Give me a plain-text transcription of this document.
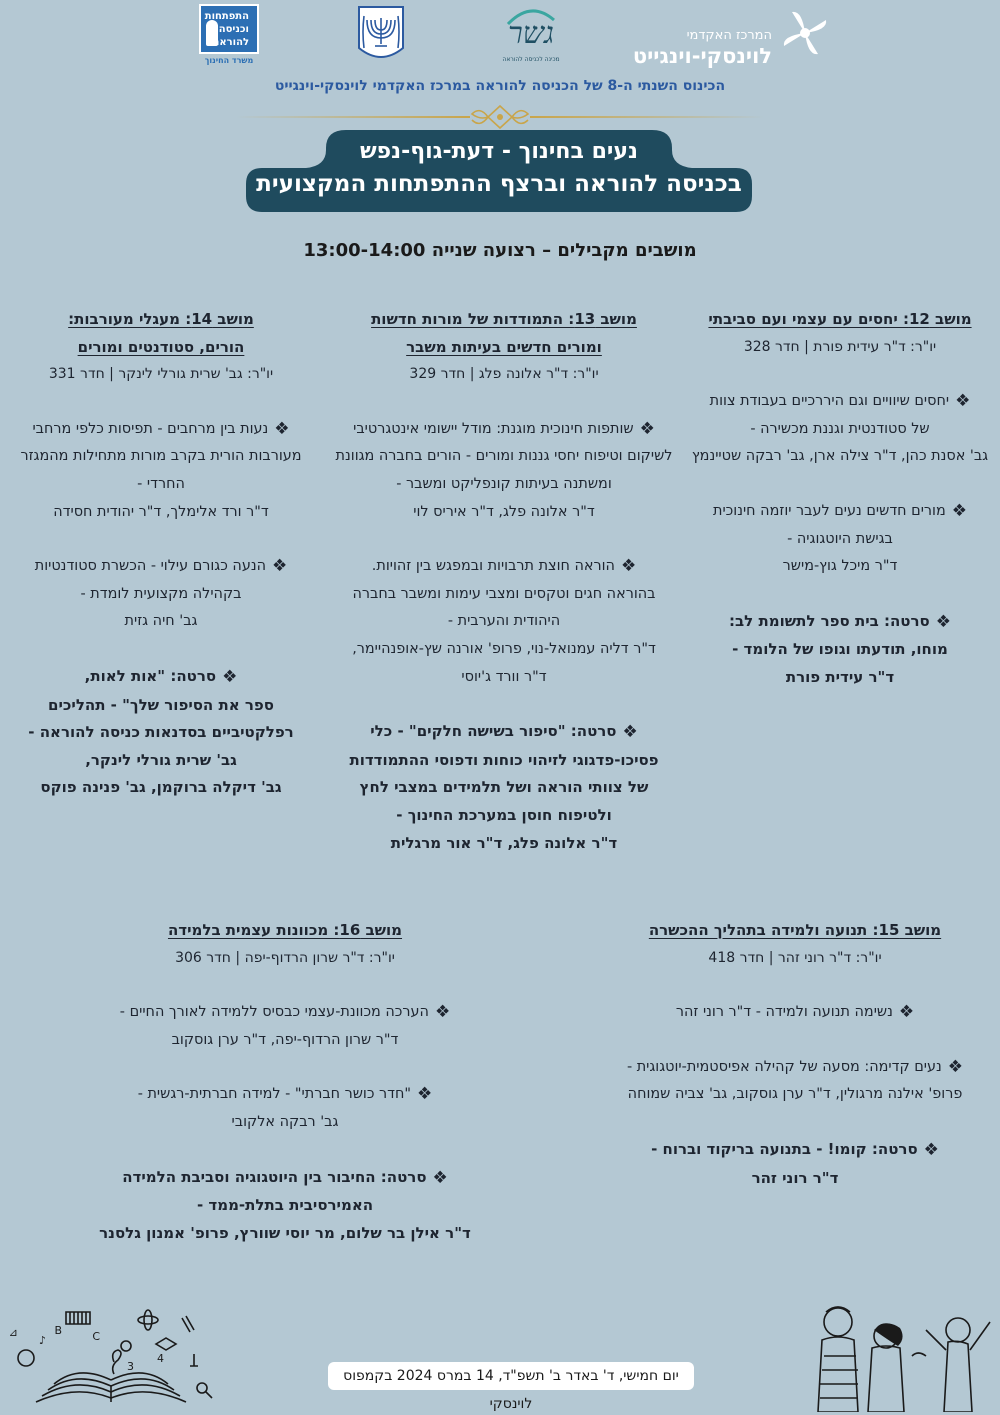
המרכז האקדמי
לוינסקי-וינגייט
גשר
מכינה לכניסה להוראה
התפתחות
וכניסה
להוראה
משרד החינוך
הכינוס השנתי ה-8 של הכניסה להוראה במרכז האקדמי לוינסקי-וינגייט
נעים בחינוך - דעת-גוף-נפש
בכניסה להוראה וברצף ההתפתחות המקצועית
מושבים מקבילים – רצועה שנייה 13:00-14:00
מושב 12: יחסים עם עצמי ועם סביבתי
יו"ר: ד"ר עידית פורת | חדר 328
❖יחסים שיוויים וגם היררכיים בעבודת צוות
של סטודנטית וגננת מכשירה -
גב' אסנת כהן, ד"ר צילה ארן, גב' רבקה שטיינמץ
❖מורים חדשים נעים לעבר יוזמה חינוכית
בגישת היוטגוגיה -
ד"ר מיכל גוץ-מישר
❖סרטה: בית ספר לתשומת לב:
מוחו, תודעתו וגופו של הלומד -
ד"ר עידית פורת
מושב 13: התמודדות של מורות חדשות
ומורים חדשים בעיתות משבר
יו"ר: ד"ר אלונה פלג | חדר 329
❖שותפות חינוכית מוגנת: מודל יישומי אינטגרטיבי
לשיקום וטיפוח יחסי גננות ומורים - הורים בחברה מגוונת
ומשתנה בעיתות קונפליקט ומשבר -
ד"ר אלונה פלג, ד"ר איריס לוי
❖הוראה חוצת תרבויות ובמפגש בין זהויות.
בהוראה חגים וטקסים ומצבי עימות ומשבר בחברה
היהודית והערבית -
ד"ר דליה עמנואל-נוי, פרופ' אורנה שץ-אופנהיימר,
ד"ר וורד ג'יוסי
❖סרטה: "סיפור בשישה חלקים" - כלי
פסיכו-פדגוגי לזיהוי כוחות ודפוסי ההתמודדות
של צוותי הוראה ושל תלמידים במצבי לחץ
ולטיפוח חוסן במערכת החינוך -
ד"ר אלונה פלג, ד"ר אור מרגלית
מושב 14: מעגלי מעורבות:
הורים, סטודנטים ומורים
יו"ר: גב' שרית גורלי לינקר | חדר 331
❖נעות בין מרחבים - תפיסות כלפי מרחבי
מעורבות הורית בקרב מורות מתחילות מהמגזר
החרדי -
ד"ר ורד אלימלך, ד"ר יהודית חסידה
❖הנעה כגורם עילוי - הכשרת סטודנטיות
בקהילה מקצועית לומדת -
גב' חיה גזית
❖סרטה: "אות לאות,
ספר את הסיפור שלך" - תהליכים
רפלקטיביים בסדנאות כניסה להוראה -
גב' שרית גורלי לינקר,
גב' דיקלה ברוקמן, גב' פנינה פוקס
מושב 15: תנועה ולמידה בתהליך ההכשרה
יו"ר: ד"ר רוני זהר | חדר 418
❖נשימה תנועה ולמידה - ד"ר רוני זהר
❖נעים קדימה: מסעה של קהילה אפיסטמית-יוטגוגית -
פרופ' אילנה מרגולין, ד"ר ערן גוסקוב, גב' צביה שמוחה
❖סרטה: קומו! - בתנועה בריקוד וברוח -
ד"ר רוני זהר
מושב 16: מכוונות עצמית בלמידה
יו"ר: ד"ר שרון הרדוף-יפה | חדר 306
❖הערכה מכוונת-עצמי כבסיס ללמידה לאורך החיים -
ד"ר שרון הרדוף-יפה, ד"ר ערן גוסקוב
❖"חדר כושר חברתי" - למידה חברתית-רגשית -
גב' רבקה אלקובי
❖סרטה: החיבור בין היוטגוגיה וסביבת הלמידה
האמירסיבית בתלת-ממד -
ד"ר אילן בר שלום, מר יוסי שוורץ, פרופ' אמנון גלסנר
יום חמישי, ד' באדר ב' תשפ"ד, 14 במרס 2024 בקמפוס לוינסקי
B	C
3
♪
4
⊿
